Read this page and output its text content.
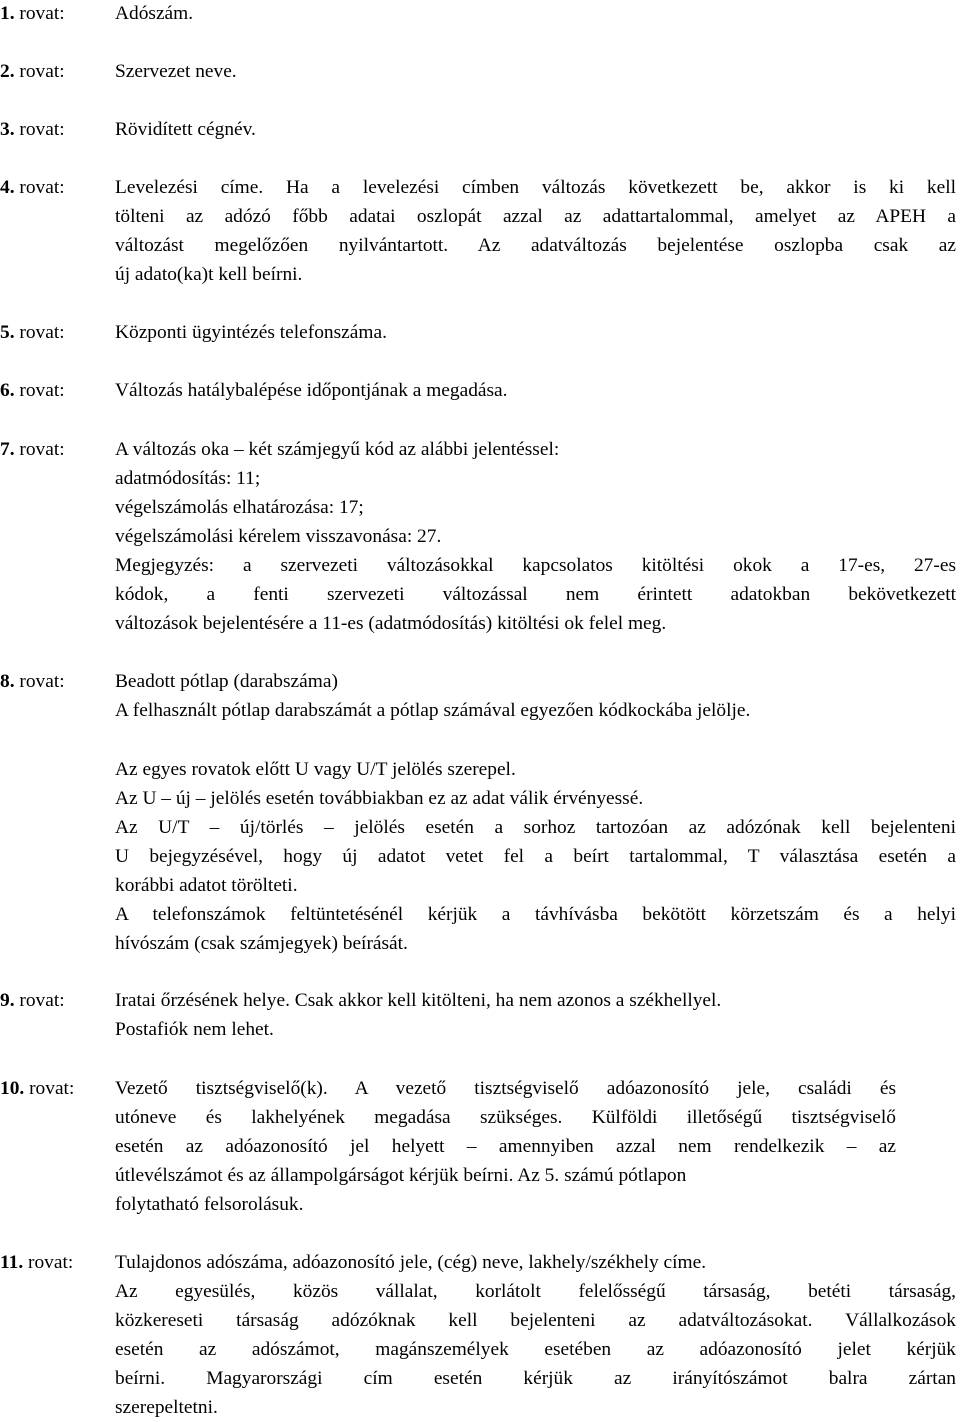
1. rovat:	Adószám.
2. rovat:	Szervezet neve.
3. rovat:	Rövidített cégnév.
4. rovat:	Levelezési címe. Ha a levelezési címben változás következett be, akkor is ki kell
tölteni az adózó főbb adatai oszlopát azzal az adattartalommal, amelyet az APEH a
változást megelőzően nyilvántartott. Az adatváltozás bejelentése oszlopba csak az
új adato(ka)t kell beírni.
5. rovat:	Központi ügyintézés telefonszáma.
6. rovat:	Változás hatálybalépése időpontjának a megadása.
7. rovat:	A változás oka – két számjegyű kód az alábbi jelentéssel:
adatmódosítás: 11;
végelszámolás elhatározása: 17;
végelszámolási kérelem visszavonása: 27.
Megjegyzés: a szervezeti változásokkal kapcsolatos kitöltési okok a 17-es, 27-es
kódok, a fenti szervezeti változással nem érintett adatokban bekövetkezett
változások bejelentésére a 11-es (adatmódosítás) kitöltési ok felel meg.
8. rovat:	Beadott pótlap (darabszáma)
A felhasznált pótlap darabszámát a pótlap számával egyezően kódkockába jelölje.
Az egyes rovatok előtt U vagy U/T jelölés szerepel.
Az U – új – jelölés esetén továbbiakban ez az adat válik érvényessé.
Az U/T – új/törlés – jelölés esetén a sorhoz tartozóan az adózónak kell bejelenteni
U bejegyzésével, hogy új adatot vetet fel a beírt tartalommal, T választása esetén a
korábbi adatot törölteti.
A telefonszámok feltüntetésénél kérjük a távhívásba bekötött körzetszám és a helyi
hívószám (csak számjegyek) beírását.
9. rovat:	Iratai őrzésének helye. Csak akkor kell kitölteni, ha nem azonos a székhellyel.
Postafiók nem lehet.
10. rovat: Vezető tisztségviselő(k). A vezető tisztségviselő adóazonosító jele, családi és
utóneve és lakhelyének megadása szükséges. Külföldi illetőségű tisztségviselő
esetén az adóazonosító jel helyett – amennyiben azzal nem rendelkezik – az
útlevélszámot és az állampolgárságot kérjük beírni. Az 5. számú pótlapon
folytatható felsorolásuk.
11. rovat: Tulajdonos adószáma, adóazonosító jele, (cég) neve, lakhely/székhely címe.
Az egyesülés, közös vállalat, korlátolt felelősségű társaság, betéti társaság,
közkereseti társaság adózóknak kell bejelenteni az adatváltozásokat. Vállalkozások
esetén az adószámot, magánszemélyek esetében az adóazonosító jelet kérjük
beírni. Magyarországi cím esetén kérjük az irányítószámot balra zártan
szerepeltetni.
